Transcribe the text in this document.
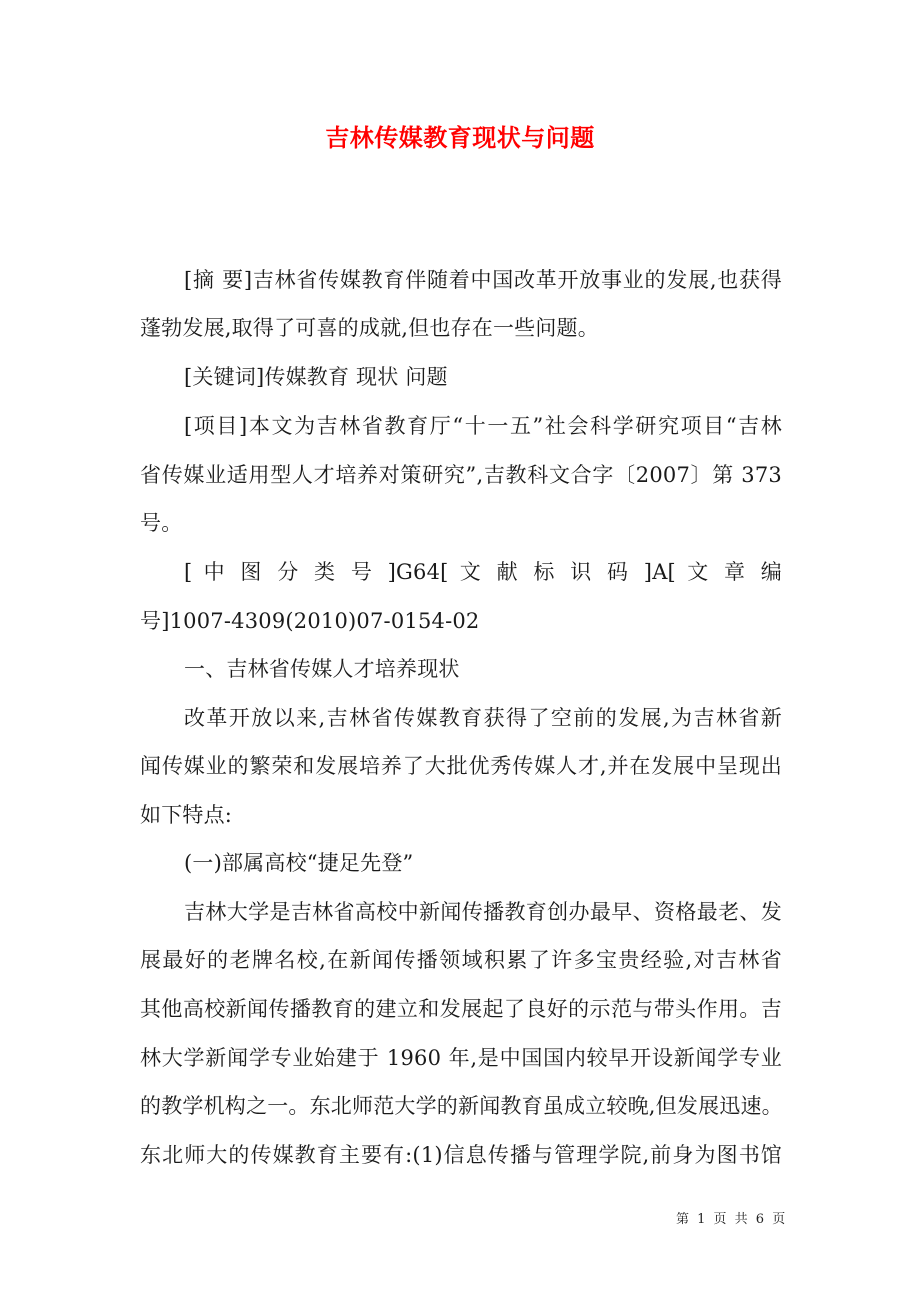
吉林传媒教育现状与问题
[摘 要]吉林省传媒教育伴随着中国改革开放事业的发展,也获得
蓬勃发展,取得了可喜的成就,但也存在一些问题。
[关键词]传媒教育 现状 问题
[项目]本文为吉林省教育厅“十一五”社会科学研究项目“吉林
省传媒业适用型人才培养对策研究”,吉教科文合字〔2007〕第 373
号。
[ 中 图 分 类 号 ]G64[ 文 献 标 识 码 ]A[ 文 章 编
号]1007-4309(2010)07-0154-02
一、吉林省传媒人才培养现状
改革开放以来,吉林省传媒教育获得了空前的发展,为吉林省新
闻传媒业的繁荣和发展培养了大批优秀传媒人才,并在发展中呈现出
如下特点:
(一)部属高校“捷足先登”
吉林大学是吉林省高校中新闻传播教育创办最早、资格最老、发
展最好的老牌名校,在新闻传播领域积累了许多宝贵经验,对吉林省
其他高校新闻传播教育的建立和发展起了良好的示范与带头作用。吉
林大学新闻学专业始建于 1960 年,是中国国内较早开设新闻学专业
的教学机构之一。东北师范大学的新闻教育虽成立较晚,但发展迅速。
东北师大的传媒教育主要有:(1)信息传播与管理学院,前身为图书馆
第 1 页 共 6 页
